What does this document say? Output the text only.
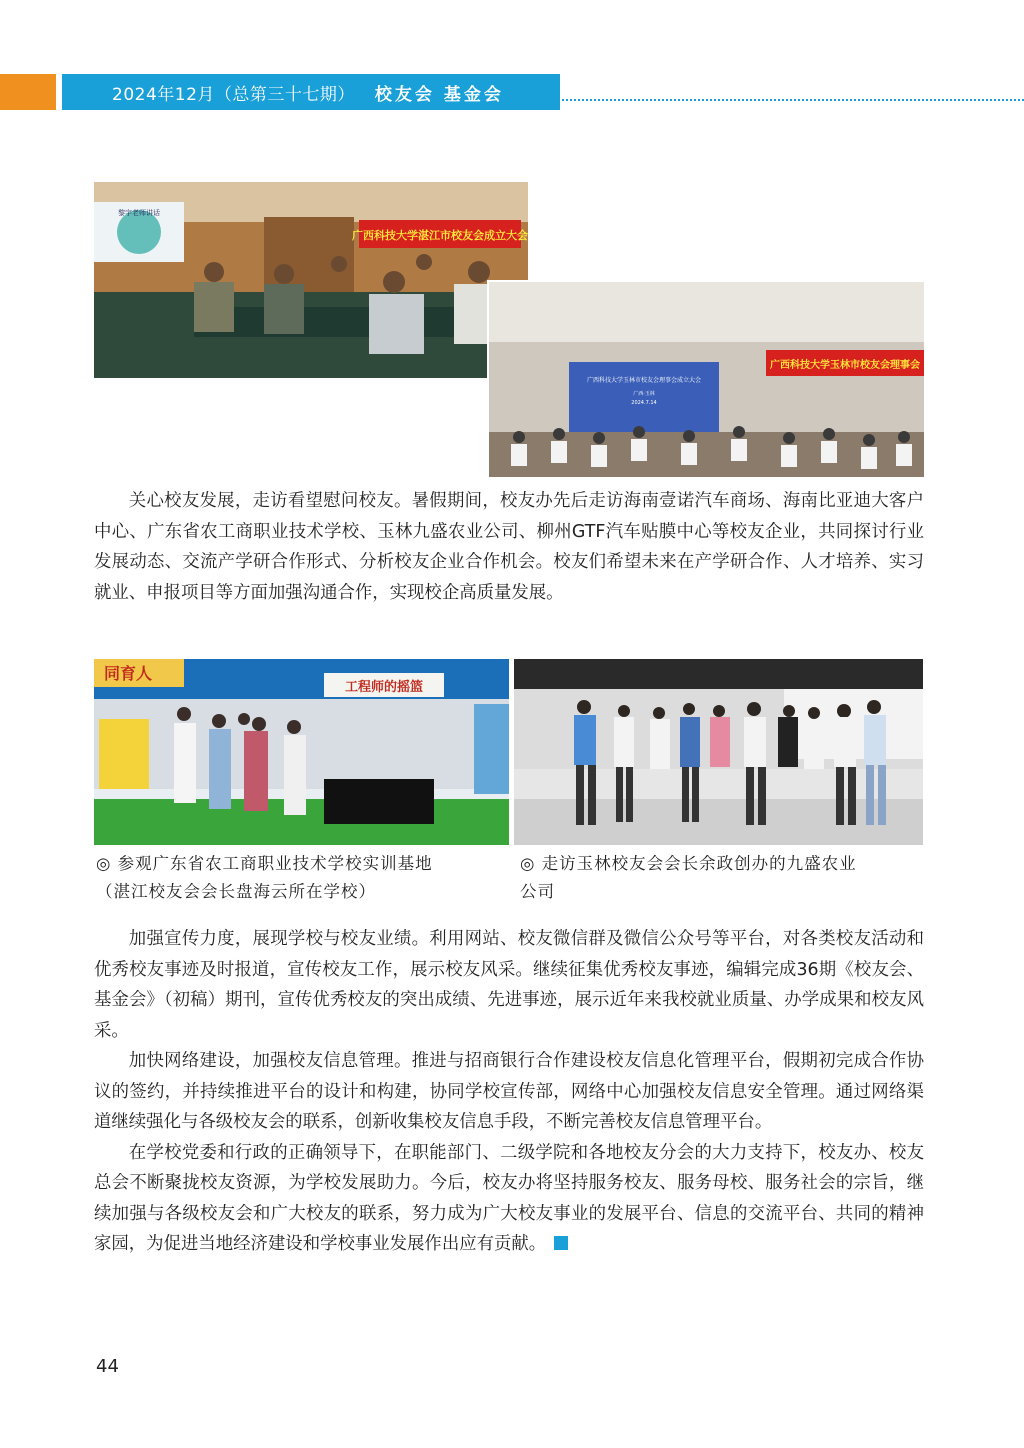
2024年12月（总第三十七期） 校友会 基金会
黎宇老师讲话
广西科技大学湛江市校友会成立大会
广西科技大学玉林市校友会理事会成立大会
广西·玉林
2024.7.14
广西科技大学玉林市校友会理事会

关心校友发展，走访看望慰问校友。暑假期间，校友办先后走访海南壹诺汽车商场、海南比亚迪大客户中心、广东省农工商职业技术学校、玉林九盛农业公司、柳州GTF汽车贴膜中心等校友企业，共同探讨行业发展动态、交流产学研合作形式、分析校友企业合作机会。校友们希望未来在产学研合作、人才培养、实习就业、申报项目等方面加强沟通合作，实现校企高质量发展。

同育人
工程师的摇篮
◎ 参观广东省农工商职业技术学校实训基地
（湛江校友会会长盘海云所在学校）
◎ 走访玉林校友会会长余政创办的九盛农业
公司

加强宣传力度，展现学校与校友业绩。利用网站、校友微信群及微信公众号等平台，对各类校友活动和优秀校友事迹及时报道，宣传校友工作，展示校友风采。继续征集优秀校友事迹，编辑完成36期《校友会、基金会》（初稿）期刊，宣传优秀校友的突出成绩、先进事迹，展示近年来我校就业质量、办学成果和校友风采。

加快网络建设，加强校友信息管理。推进与招商银行合作建设校友信息化管理平台，假期初完成合作协议的签约，并持续推进平台的设计和构建，协同学校宣传部，网络中心加强校友信息安全管理。通过网络渠道继续强化与各级校友会的联系，创新收集校友信息手段，不断完善校友信息管理平台。

在学校党委和行政的正确领导下，在职能部门、二级学院和各地校友分会的大力支持下，校友办、校友总会不断聚拢校友资源，为学校发展助力。今后，校友办将坚持服务校友、服务母校、服务社会的宗旨，继续加强与各级校友会和广大校友的联系，努力成为广大校友事业的发展平台、信息的交流平台、共同的精神家园，为促进当地经济建设和学校事业发展作出应有贡献。

44
